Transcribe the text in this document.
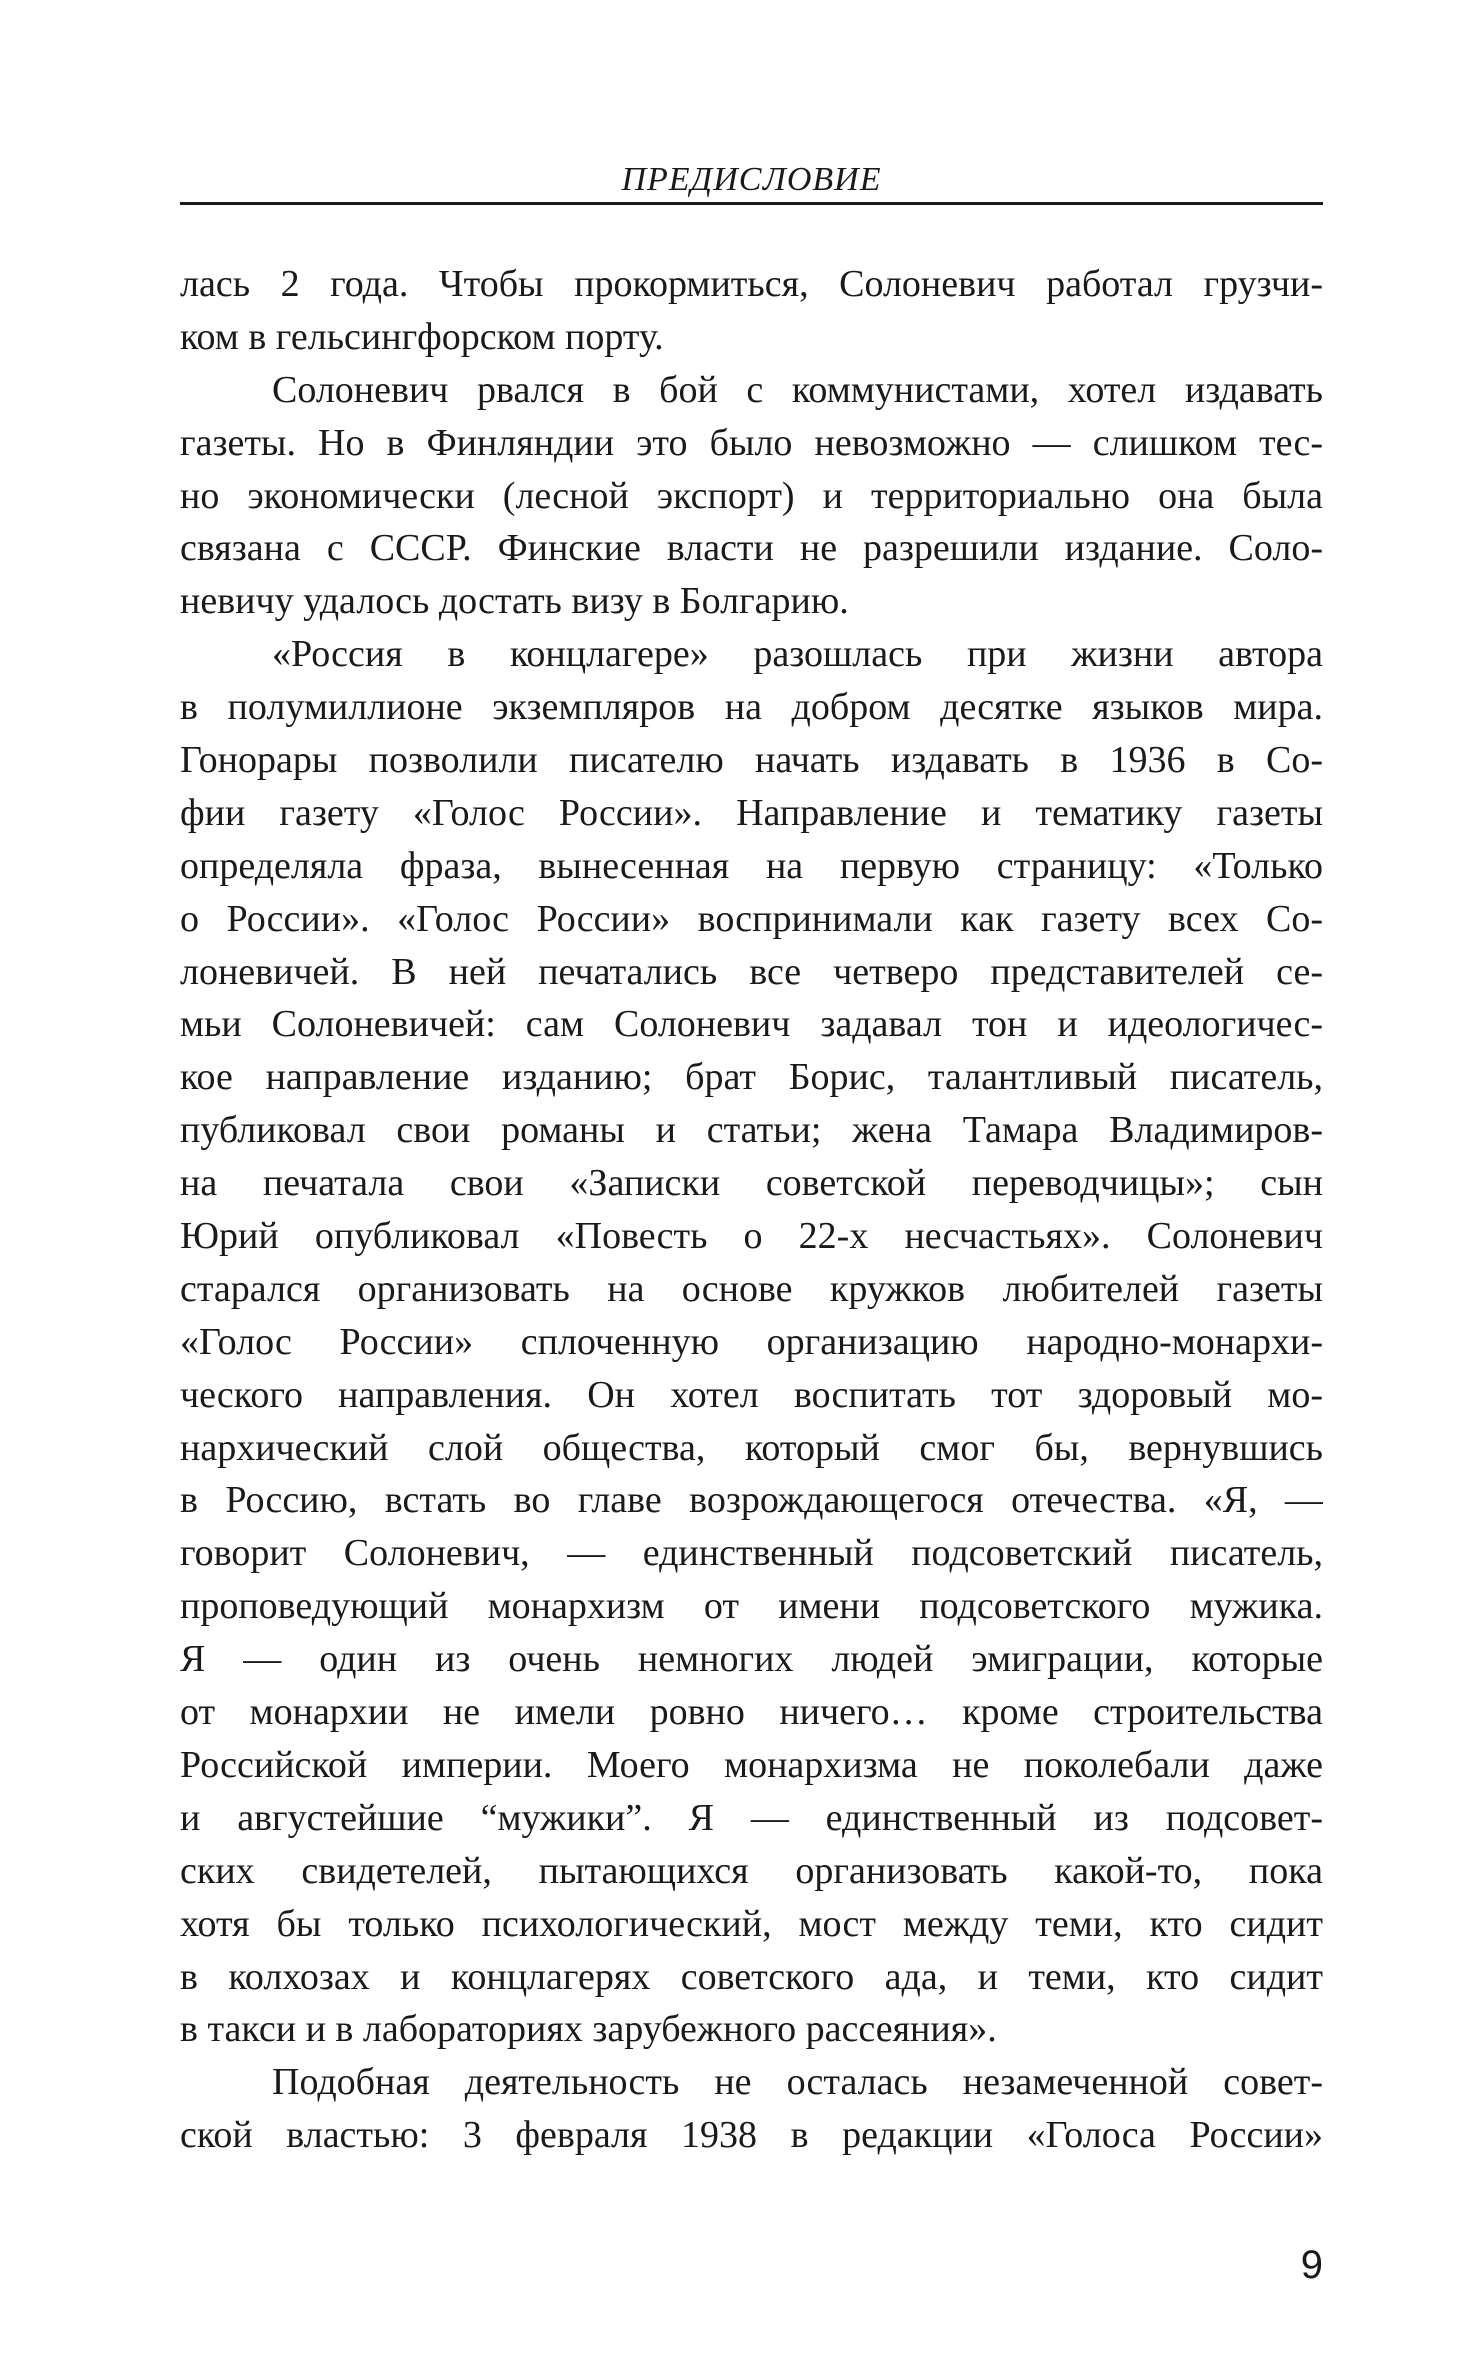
ПРЕДИСЛОВИЕ
лась 2 года. Чтобы прокормиться, Солоневич работал грузчи-
ком в гельсингфорском порту.
Солоневич рвался в бой с коммунистами, хотел издавать
газеты. Но в Финляндии это было невозможно — слишком тес-
но экономически (лесной экспорт) и территориально она была
связана с СССР. Финские власти не разрешили издание. Соло-
невичу удалось достать визу в Болгарию.
«Россия в концлагере» разошлась при жизни автора
в полумиллионе экземпляров на добром десятке языков мира.
Гонорары позволили писателю начать издавать в 1936 в Со-
фии газету «Голос России». Направление и тематику газеты
определяла фраза, вынесенная на первую страницу: «Только
о России». «Голос России» воспринимали как газету всех Со-
лоневичей. В ней печатались все четверо представителей се-
мьи Солоневичей: сам Солоневич задавал тон и идеологичес-
кое направление изданию; брат Борис, талантливый писатель,
публиковал свои романы и статьи; жена Тамара Владимиров-
на печатала свои «Записки советской переводчицы»; сын
Юрий опубликовал «Повесть о 22-х несчастьях». Солоневич
старался организовать на основе кружков любителей газеты
«Голос России» сплоченную организацию народно-монархи-
ческого направления. Он хотел воспитать тот здоровый мо-
нархический слой общества, который смог бы, вернувшись
в Россию, встать во главе возрождающегося отечества. «Я, —
говорит Солоневич, — единственный подсоветский писатель,
проповедующий монархизм от имени подсоветского мужика.
Я — один из очень немногих людей эмиграции, которые
от монархии не имели ровно ничего… кроме строительства
Российской империи. Моего монархизма не поколебали даже
и августейшие “мужики”. Я — единственный из подсовет-
ских свидетелей, пытающихся организовать какой-то, пока
хотя бы только психологический, мост между теми, кто сидит
в колхозах и концлагерях советского ада, и теми, кто сидит
в такси и в лабораториях зарубежного рассеяния».
Подобная деятельность не осталась незамеченной совет-
ской властью: 3 февраля 1938 в редакции «Голоса России»
9
